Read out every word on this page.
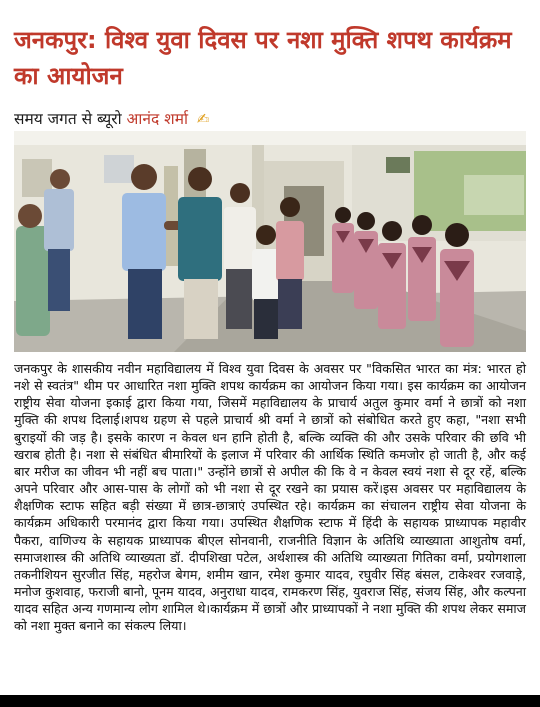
जनकपुर: विश्व युवा दिवस पर नशा मुक्ति शपथ कार्यक्रम का आयोजन
समय जगत से ब्यूरो आनंद शर्मा ✍

जनकपुर के शासकीय नवीन महाविद्यालय में विश्व युवा दिवस के अवसर पर "विकसित भारत का मंत्र: भारत हो नशे से स्वतंत्र" थीम पर आधारित नशा मुक्ति शपथ कार्यक्रम का आयोजन किया गया। इस कार्यक्रम का आयोजन राष्ट्रीय सेवा योजना इकाई द्वारा किया गया, जिसमें महाविद्यालय के प्राचार्य अतुल कुमार वर्मा ने छात्रों को नशा मुक्ति की शपथ दिलाई।शपथ ग्रहण से पहले प्राचार्य श्री वर्मा ने छात्रों को संबोधित करते हुए कहा, "नशा सभी बुराइयों की जड़ है। इसके कारण न केवल धन हानि होती है, बल्कि व्यक्ति की और उसके परिवार की छवि भी खराब होती है। नशा से संबंधित बीमारियों के इलाज में परिवार की आर्थिक स्थिति कमजोर हो जाती है, और कई बार मरीज का जीवन भी नहीं बच पाता।" उन्होंने छात्रों से अपील की कि वे न केवल स्वयं नशा से दूर रहें, बल्कि अपने परिवार और आस-पास के लोगों को भी नशा से दूर रखने का प्रयास करें।इस अवसर पर महाविद्यालय के शैक्षणिक स्टाफ सहित बड़ी संख्या में छात्र-छात्राएं उपस्थित रहे। कार्यक्रम का संचालन राष्ट्रीय सेवा योजना के कार्यक्रम अधिकारी परमानंद द्वारा किया गया। उपस्थित शैक्षणिक स्टाफ में हिंदी के सहायक प्राध्यापक महावीर पैकरा, वाणिज्य के सहायक प्राध्यापक बीएल सोनवानी, राजनीति विज्ञान के अतिथि व्याख्याता आशुतोष वर्मा, समाजशास्त्र की अतिथि व्याख्यता डॉ. दीपशिखा पटेल, अर्थशास्त्र की अतिथि व्याख्यता गितिका वर्मा, प्रयोगशाला तकनीशियन सुरजीत सिंह, महरोज बेगम, शमीम खान, रमेश कुमार यादव, रघुवीर सिंह बंसल, टाकेश्वर रजवाड़े, मनोज कुशवाह, फराजी बानो, पूनम यादव, अनुराधा यादव, रामकरण सिंह, युवराज सिंह, संजय सिंह, और कल्पना यादव सहित अन्य गणमान्य लोग शामिल थे।कार्यक्रम में छात्रों और प्राध्यापकों ने नशा मुक्ति की शपथ लेकर समाज को नशा मुक्त बनाने का संकल्प लिया।
